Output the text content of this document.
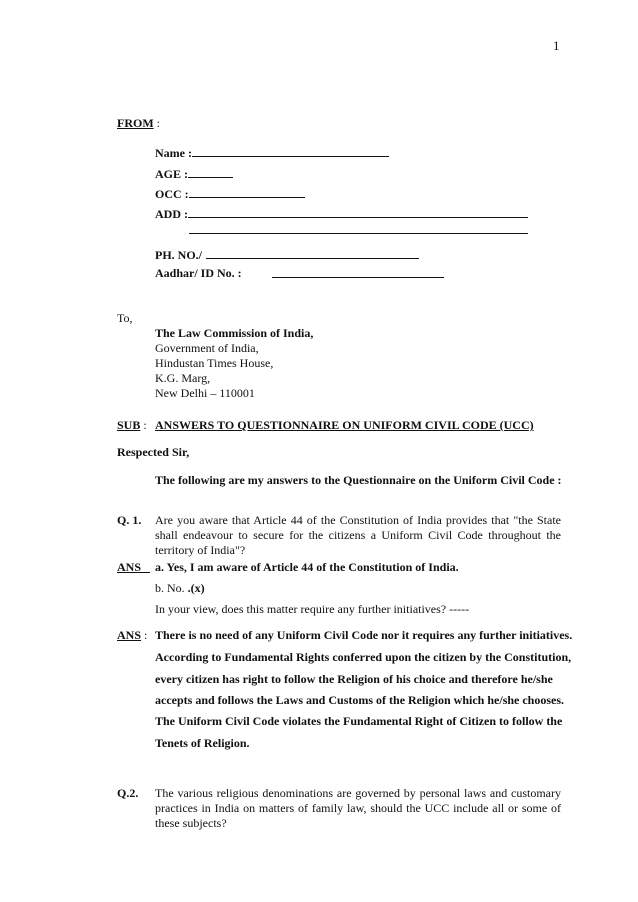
1
FROM :
Name :
AGE :
OCC :
ADD :
PH. NO./
Aadhar/ ID No. :
To,
The Law Commission of India,
Government of India,
Hindustan Times House,
K.G. Marg,
New Delhi – 110001
SUB : ANSWERS TO QUESTIONNAIRE ON UNIFORM CIVIL CODE (UCC)
Respected Sir,
The following are my answers to the Questionnaire on the Uniform Civil Code :
Q. 1. Are you aware that Article 44 of the Constitution of India provides that "the State shall endeavour to secure for the citizens a Uniform Civil Code throughout the territory of India"?
ANS	a. Yes, I am aware of Article 44 of the Constitution of India.
b. No. .(x)
In your view, does this matter require any further initiatives? -----
ANS : There is no need of any Uniform Civil Code nor it requires any further initiatives.
According to Fundamental Rights conferred upon the citizen by the Constitution,
every citizen has right to follow the Religion of his choice and therefore he/she
accepts and follows the Laws and Customs of the Religion which he/she chooses.
The Uniform Civil Code violates the Fundamental Right of Citizen to follow the
Tenets of Religion.
Q.2. The various religious denominations are governed by personal laws and customary practices in India on matters of family law, should the UCC include all or some of these subjects?
